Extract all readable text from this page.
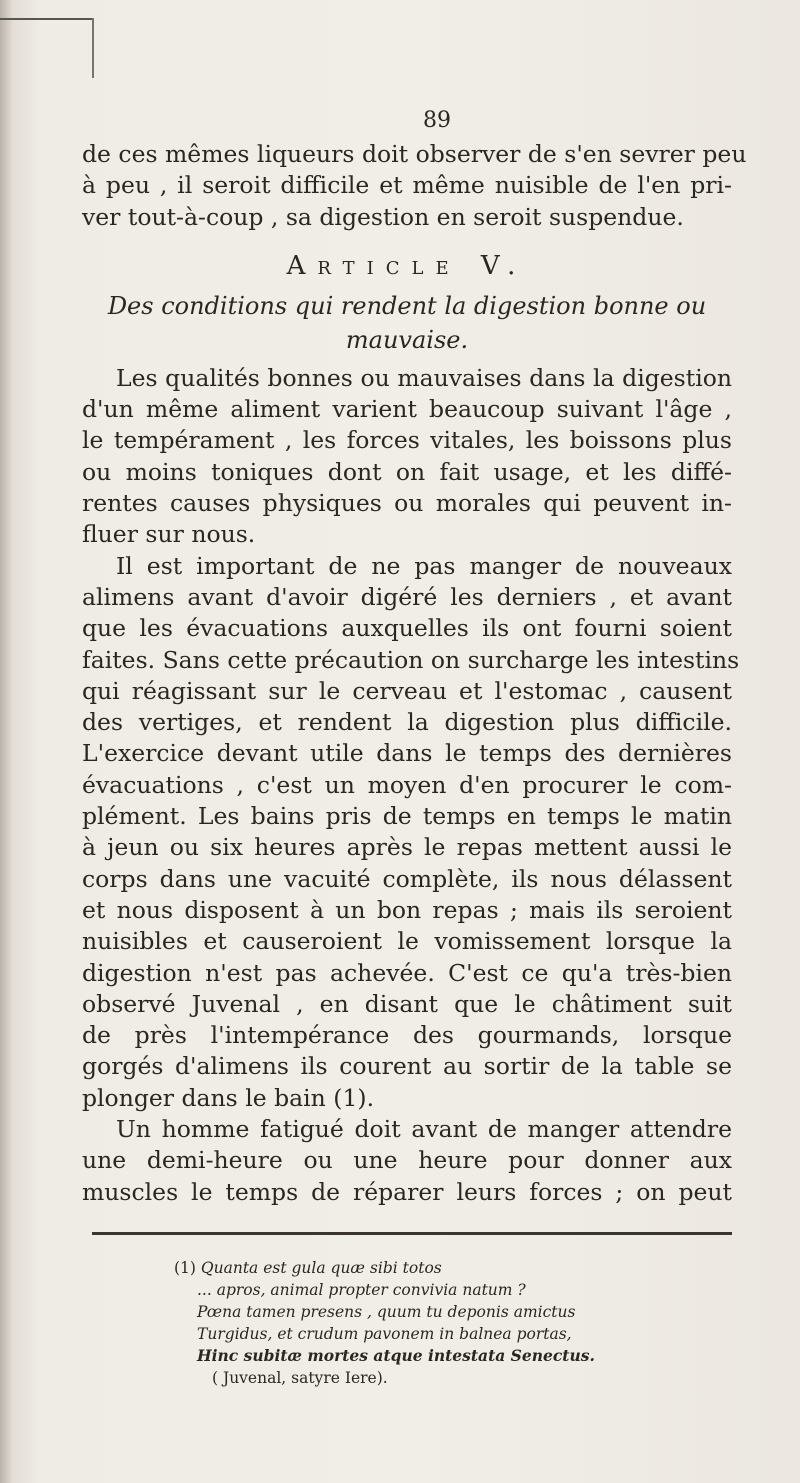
89
de ces mêmes liqueurs doit observer de s'en sevrer peu
à peu , il seroit difficile et même nuisible de l'en pri-
ver tout-à-coup , sa digestion en seroit suspendue.
Article V.
Des conditions qui rendent la digestion bonne ou
mauvaise.
Les qualités bonnes ou mauvaises dans la digestion
d'un même aliment varient beaucoup suivant l'âge ,
le tempérament , les forces vitales, les boissons plus
ou moins toniques dont on fait usage, et les diffé-
rentes causes physiques ou morales qui peuvent in-
fluer sur nous.
Il est important de ne pas manger de nouveaux
alimens avant d'avoir digéré les derniers , et avant
que les évacuations auxquelles ils ont fourni soient
faites. Sans cette précaution on surcharge les intestins
qui réagissant sur le cerveau et l'estomac , causent
des vertiges, et rendent la digestion plus difficile.
L'exercice devant utile dans le temps des dernières
évacuations , c'est un moyen d'en procurer le com-
plément. Les bains pris de temps en temps le matin
à jeun ou six heures après le repas mettent aussi le
corps dans une vacuité complète, ils nous délassent
et nous disposent à un bon repas ; mais ils seroient
nuisibles et causeroient le vomissement lorsque la
digestion n'est pas achevée. C'est ce qu'a très-bien
observé Juvenal , en disant que le châtiment suit
de près l'intempérance des gourmands, lorsque
gorgés d'alimens ils courent au sortir de la table se
plonger dans le bain (1).
Un homme fatigué doit avant de manger attendre
une demi-heure ou une heure pour donner aux
muscles le temps de réparer leurs forces ; on peut
(1) Quanta est gula quæ sibi totos
... apros, animal propter convivia natum ?
Pœna tamen presens , quum tu deponis amictus
Turgidus, et crudum pavonem in balnea portas,
Hinc subitæ mortes atque intestata Senectus.
( Juvenal, satyre Iere).
